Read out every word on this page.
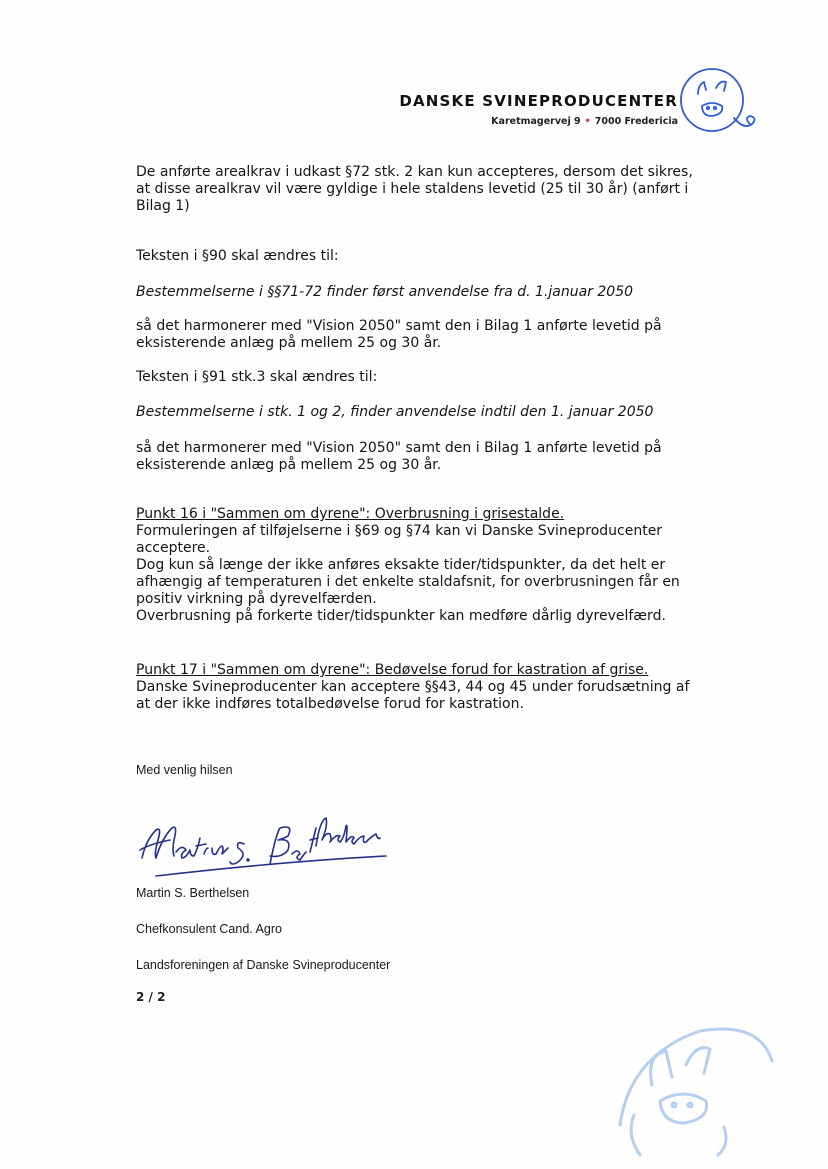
DANSKE SVINEPRODUCENTER
Karetmagervej 9 • 7000 Fredericia

De anførte arealkrav i udkast §72 stk. 2 kan kun accepteres, dersom det sikres, at disse arealkrav vil være gyldige i hele staldens levetid (25 til 30 år) (anført i Bilag 1)

Teksten i §90 skal ændres til:

Bestemmelserne i §§71-72 finder først anvendelse fra d. 1.januar 2050

så det harmonerer med "Vision 2050" samt den i Bilag 1 anførte levetid på eksisterende anlæg på mellem 25 og 30 år.

Teksten i §91 stk.3 skal ændres til:

Bestemmelserne i stk. 1 og 2, finder anvendelse indtil den 1. januar 2050

så det harmonerer med "Vision 2050" samt den i Bilag 1 anførte levetid på eksisterende anlæg på mellem 25 og 30 år.

Punkt 16 i "Sammen om dyrene": Overbrusning i grisestalde.
Formuleringen af tilføjelserne i §69 og §74 kan vi Danske Svineproducenter acceptere.
Dog kun så længe der ikke anføres eksakte tider/tidspunkter, da det helt er afhængig af temperaturen i det enkelte staldafsnit, for overbrusningen får en positiv virkning på dyrevelfærden.
Overbrusning på forkerte tider/tidspunkter kan medføre dårlig dyrevelfærd.

Punkt 17 i "Sammen om dyrene": Bedøvelse forud for kastration af grise.
Danske Svineproducenter kan acceptere §§43, 44 og 45 under forudsætning af at der ikke indføres totalbedøvelse forud for kastration.

Med venlig hilsen
Martin S. Berthelsen
Chefkonsulent Cand. Agro
Landsforeningen af Danske Svineproducenter
2 / 2
